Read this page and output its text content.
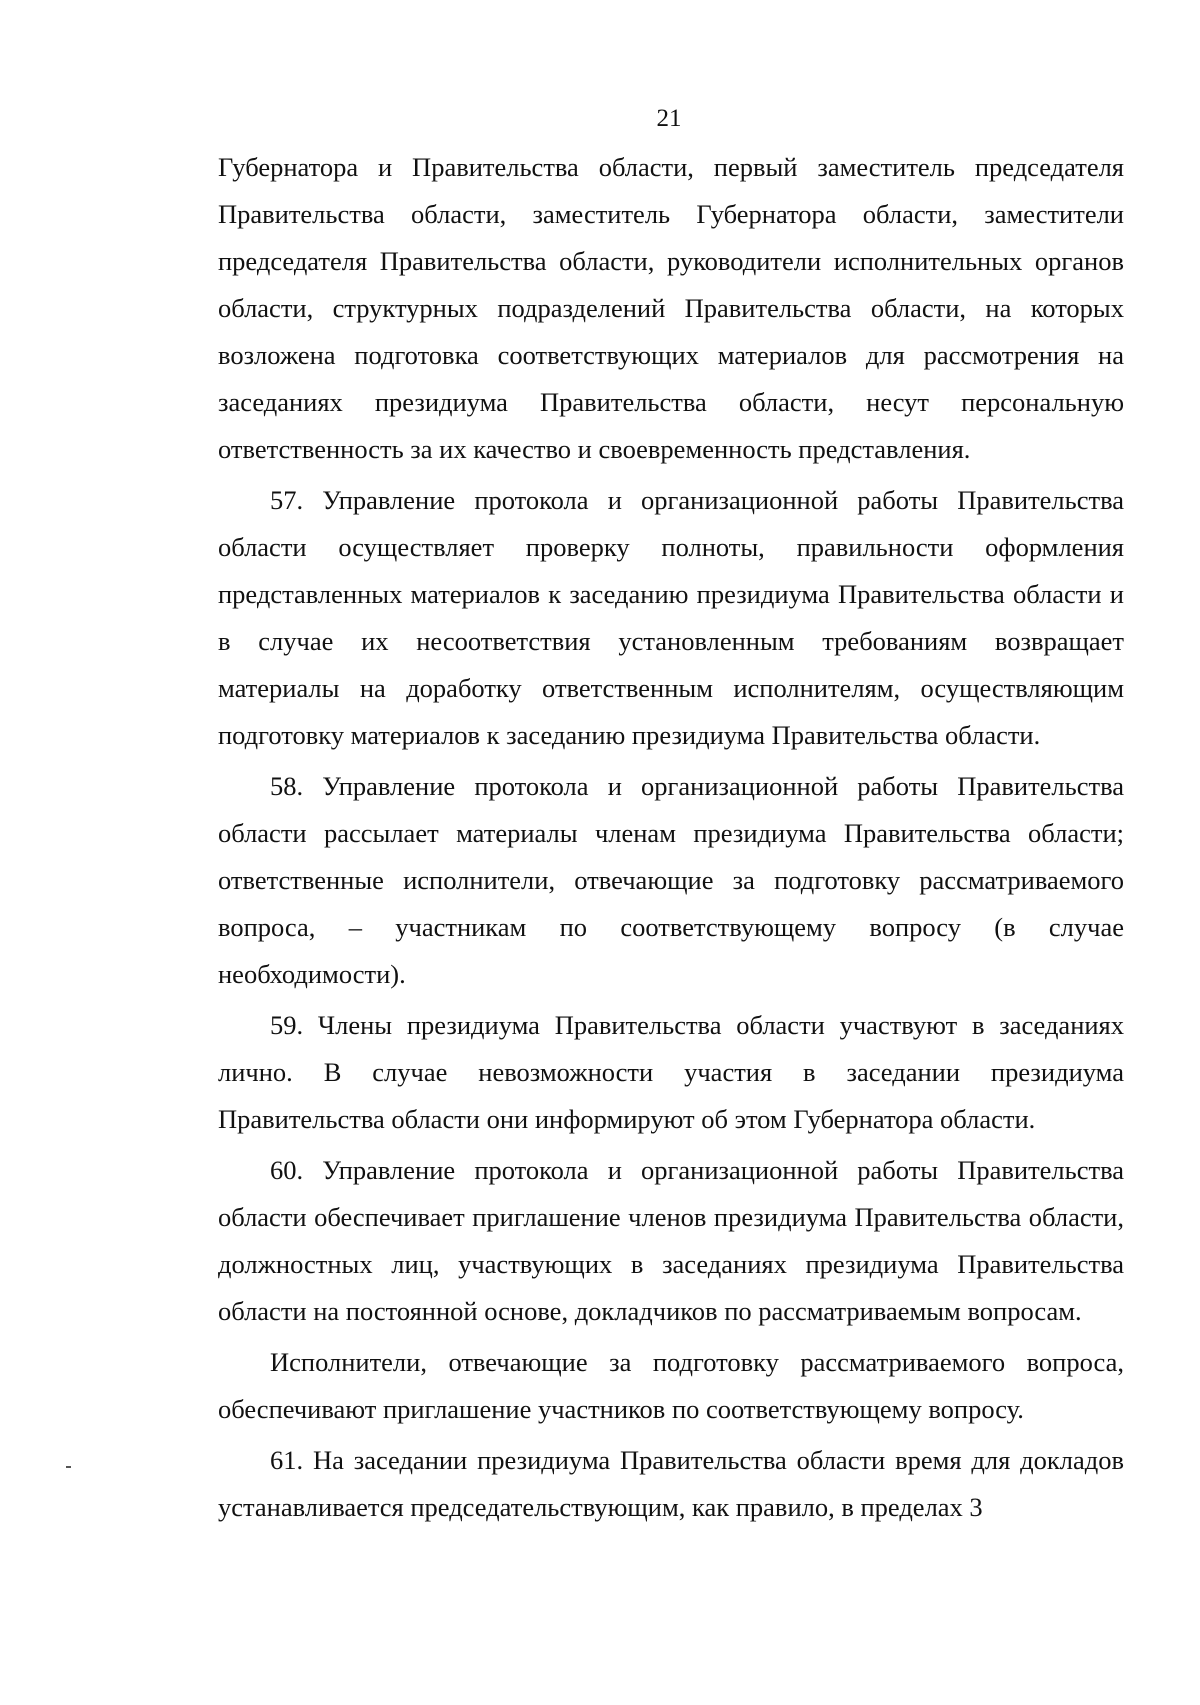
21

Губернатора и Правительства области, первый заместитель председателя Правительства области, заместитель Губернатора области, заместители председателя Правительства области, руководители исполнительных органов области, структурных подразделений Правительства области, на которых возложена подготовка соответствующих материалов для рассмотрения на заседаниях президиума Правительства области, несут персональную ответственность за их качество и своевременность представления.

57. Управление протокола и организационной работы Правительства области осуществляет проверку полноты, правильности оформления представленных материалов к заседанию президиума Правительства области и в случае их несоответствия установленным требованиям возвращает материалы на доработку ответственным исполнителям, осуществляющим подготовку материалов к заседанию президиума Правительства области.

58. Управление протокола и организационной работы Правительства области рассылает материалы членам президиума Правительства области; ответственные исполнители, отвечающие за подготовку рассматриваемого вопроса, – участникам по соответствующему вопросу (в случае необходимости).

59. Члены президиума Правительства области участвуют в заседаниях лично. В случае невозможности участия в заседании президиума Правительства области они информируют об этом Губернатора области.

60. Управление протокола и организационной работы Правительства области обеспечивает приглашение членов президиума Правительства области, должностных лиц, участвующих в заседаниях президиума Правительства области на постоянной основе, докладчиков по рассматриваемым вопросам.

Исполнители, отвечающие за подготовку рассматриваемого вопроса, обеспечивают приглашение участников по соответствующему вопросу.

61. На заседании президиума Правительства области время для докладов устанавливается председательствующим, как правило, в пределах 3
